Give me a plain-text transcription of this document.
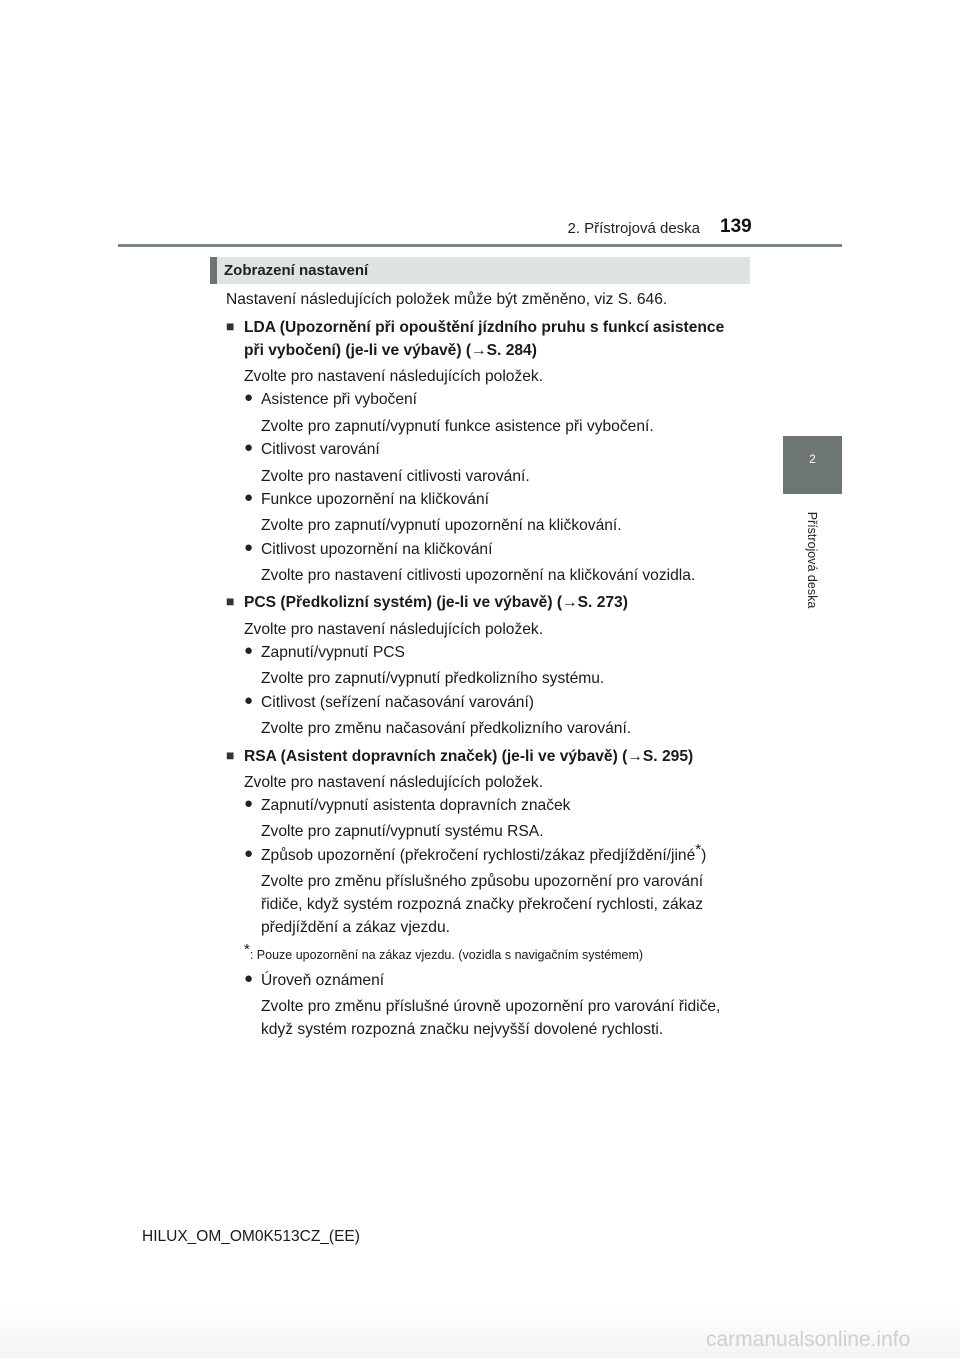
2. Přístrojová deska 139
2
Přístrojová deska
Zobrazení nastavení
Nastavení následujících položek může být změněno, viz S. 646.
■ LDA (Upozornění při opouštění jízdního pruhu s funkcí asistence
při vybočení) (je-li ve výbavě) (→S. 284)
Zvolte pro nastavení následujících položek.
● Asistence při vybočení
Zvolte pro zapnutí/vypnutí funkce asistence při vybočení.
● Citlivost varování
Zvolte pro nastavení citlivosti varování.
● Funkce upozornění na kličkování
Zvolte pro zapnutí/vypnutí upozornění na kličkování.
● Citlivost upozornění na kličkování
Zvolte pro nastavení citlivosti upozornění na kličkování vozidla.
■ PCS (Předkolizní systém) (je-li ve výbavě) (→S. 273)
Zvolte pro nastavení následujících položek.
● Zapnutí/vypnutí PCS
Zvolte pro zapnutí/vypnutí předkolizního systému.
● Citlivost (seřízení načasování varování)
Zvolte pro změnu načasování předkolizního varování.
■ RSA (Asistent dopravních značek) (je-li ve výbavě) (→S. 295)
Zvolte pro nastavení následujících položek.
● Zapnutí/vypnutí asistenta dopravních značek
Zvolte pro zapnutí/vypnutí systému RSA.
● Způsob upozornění (překročení rychlosti/zákaz předjíždění/jiné*)
Zvolte pro změnu příslušného způsobu upozornění pro varování
řidiče, když systém rozpozná značky překročení rychlosti, zákaz
předjíždění a zákaz vjezdu.
*: Pouze upozornění na zákaz vjezdu. (vozidla s navigačním systémem)
● Úroveň oznámení
Zvolte pro změnu příslušné úrovně upozornění pro varování řidiče,
když systém rozpozná značku nejvyšší dovolené rychlosti.
HILUX_OM_OM0K513CZ_(EE)
carmanualsonline.info
